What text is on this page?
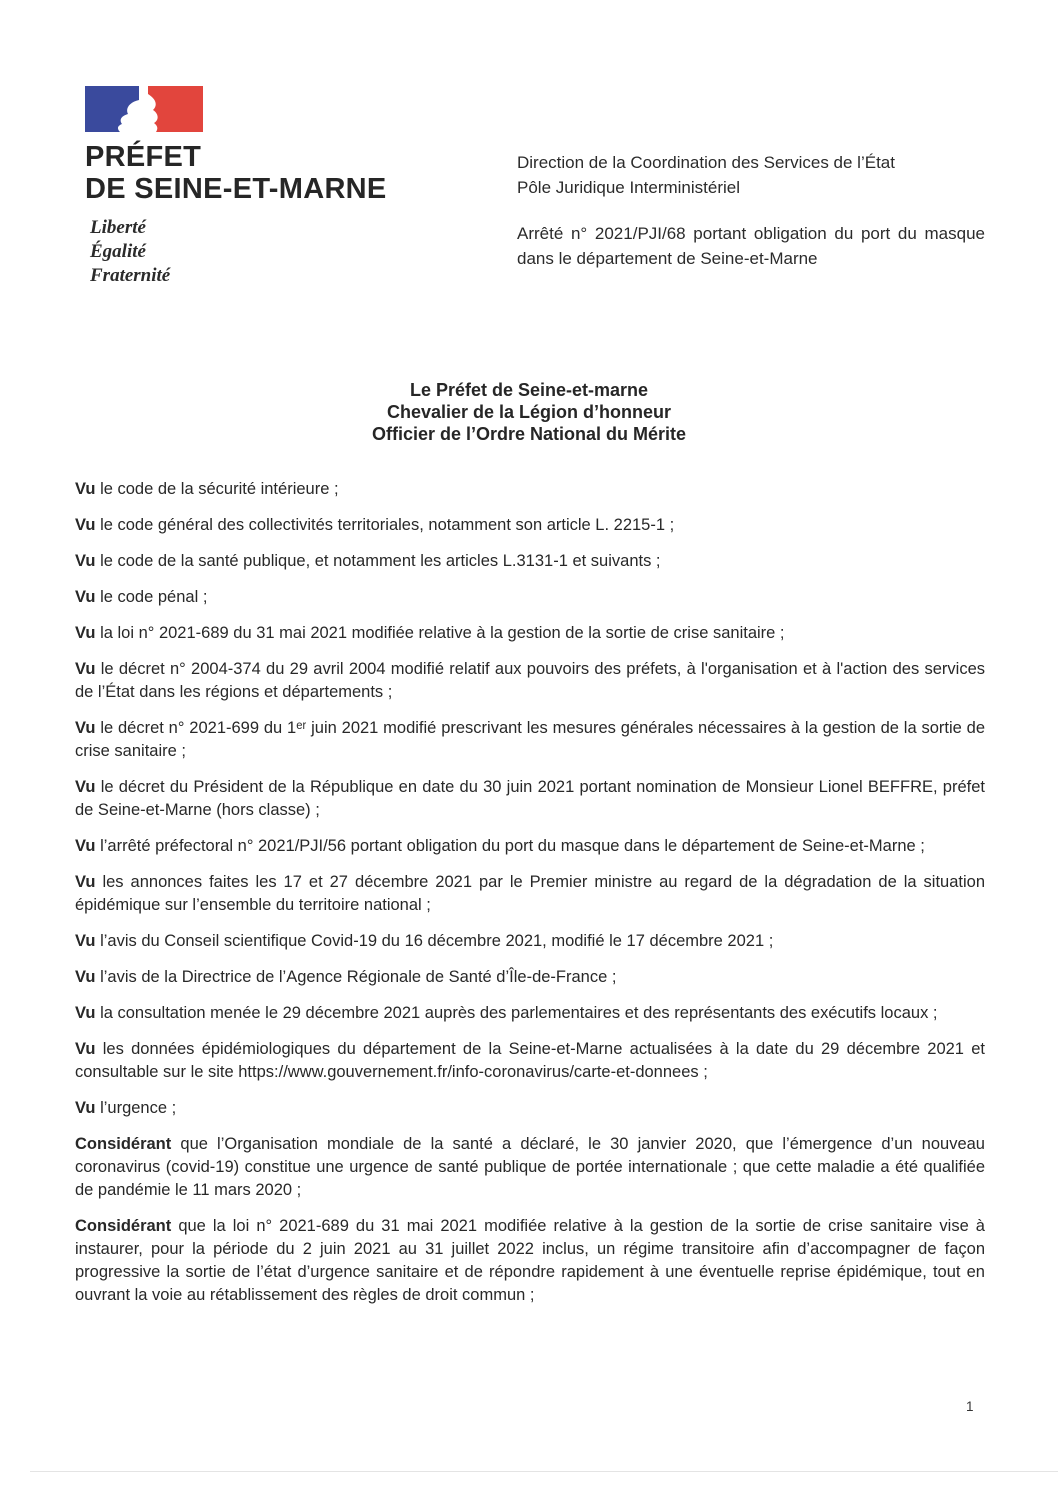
PRÉFET
DE SEINE-ET-MARNE
Liberté
Égalité
Fraternité
Direction de la Coordination des Services de l’État
Pôle Juridique Interministériel
Arrêté n° 2021/PJI/68 portant obligation du port du masque dans le département de Seine-et-Marne
Le Préfet de Seine-et-marne
Chevalier de la Légion d’honneur
Officier de l’Ordre National du Mérite

Vu le code de la sécurité intérieure ;

Vu le code général des collectivités territoriales, notamment son article L. 2215-1 ;

Vu le code de la santé publique, et notamment les articles L.3131-1 et suivants ;

Vu le code pénal ;

Vu la loi n° 2021-689 du 31 mai 2021 modifiée relative à la gestion de la sortie de crise sanitaire ;

Vu le décret n° 2004-374 du 29 avril 2004 modifié relatif aux pouvoirs des préfets, à l'organisation et à l'action des services de l’État dans les régions et départements ;

Vu le décret n° 2021-699 du 1ᵉʳ juin 2021 modifié prescrivant les mesures générales nécessaires à la gestion de la sortie de crise sanitaire ;

Vu le décret du Président de la République en date du 30 juin 2021 portant nomination de Monsieur Lionel BEFFRE, préfet de Seine-et-Marne (hors classe) ;

Vu l’arrêté préfectoral n° 2021/PJI/56 portant obligation du port du masque dans le département de Seine-et-Marne ;

Vu les annonces faites les 17 et 27 décembre 2021 par le Premier ministre au regard de la dégradation de la situation épidémique sur l’ensemble du territoire national ;

Vu l’avis du Conseil scientifique Covid-19 du 16 décembre 2021, modifié le 17 décembre 2021 ;

Vu l’avis de la Directrice de l’Agence Régionale de Santé d’Île-de-France ;

Vu la consultation menée le 29 décembre 2021 auprès des parlementaires et des représentants des exécutifs locaux ;

Vu les données épidémiologiques du département de la Seine-et-Marne actualisées à la date du 29 décembre 2021 et consultable sur le site https://www.gouvernement.fr/info-coronavirus/carte-et-donnees ;

Vu l’urgence ;

Considérant que l’Organisation mondiale de la santé a déclaré, le 30 janvier 2020, que l’émergence d’un nouveau coronavirus (covid-19) constitue une urgence de santé publique de portée internationale ; que cette maladie a été qualifiée de pandémie le 11 mars 2020 ;

Considérant que la loi n° 2021-689 du 31 mai 2021 modifiée relative à la gestion de la sortie de crise sanitaire vise à instaurer, pour la période du 2 juin 2021 au 31 juillet 2022 inclus, un régime transitoire afin d’accompagner de façon progressive la sortie de l’état d’urgence sanitaire et de répondre rapidement à une éventuelle reprise épidémique, tout en ouvrant la voie au rétablissement des règles de droit commun ;

1
